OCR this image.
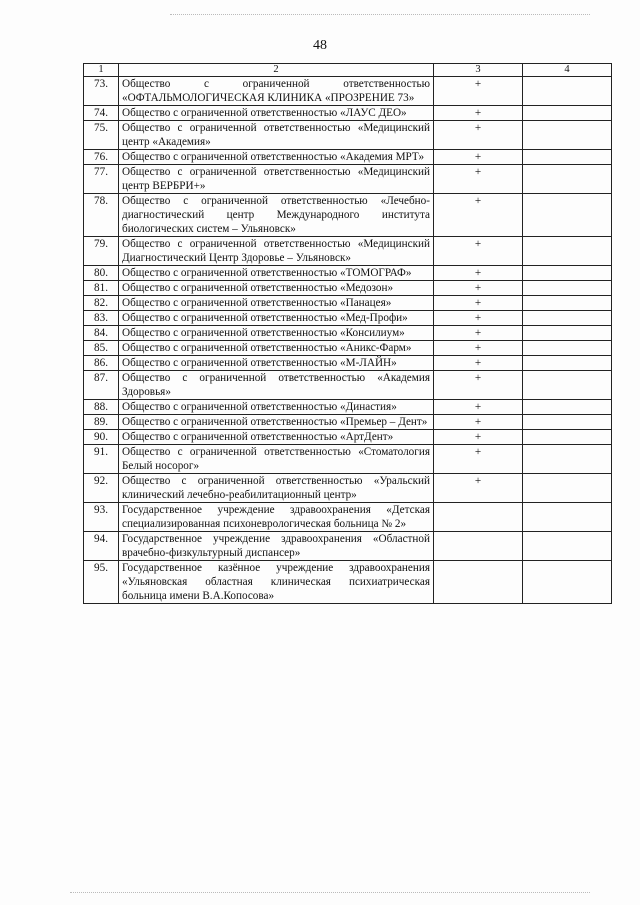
48
1	2	3	4
73.	Общество с ограниченной ответственностью «ОФТАЛЬМОЛОГИЧЕСКАЯ КЛИНИКА «ПРОЗРЕНИЕ 73»	+	
74.	Общество с ограниченной ответственностью «ЛАУС ДЕО»	+	
75.	Общество с ограниченной ответственностью «Медицинский центр «Академия»	+	
76.	Общество с ограниченной ответственностью «Академия МРТ»	+	
77.	Общество с ограниченной ответственностью «Медицинский центр ВЕРБРИ+»	+	
78.	Общество с ограниченной ответственностью «Лечебно-диагностический центр Международного института биологических систем – Ульяновск»	+	
79.	Общество с ограниченной ответственностью «Медицинский Диагностический Центр Здоровье – Ульяновск»	+	
80.	Общество с ограниченной ответственностью «ТОМОГРАФ»	+	
81.	Общество с ограниченной ответственностью «Медозон»	+	
82.	Общество с ограниченной ответственностью «Панацея»	+	
83.	Общество с ограниченной ответственностью «Мед-Профи»	+	
84.	Общество с ограниченной ответственностью «Консилиум»	+	
85.	Общество с ограниченной ответственностью «Аникс-Фарм»	+	
86.	Общество с ограниченной ответственностью «М-ЛАЙН»	+	
87.	Общество с ограниченной ответственностью «Академия Здоровья»	+	
88.	Общество с ограниченной ответственностью «Династия»	+	
89.	Общество с ограниченной ответственностью «Премьер – Дент»	+	
90.	Общество с ограниченной ответственностью «АртДент»	+	
91.	Общество с ограниченной ответственностью «Стоматология Белый носорог»	+	
92.	Общество с ограниченной ответственностью «Уральский клинический лечебно-реабилитационный центр»	+	
93.	Государственное учреждение здравоохранения «Детская специализированная психоневрологическая больница № 2»		
94.	Государственное учреждение здравоохранения «Областной врачебно-физкультурный диспансер»		
95.	Государственное казённое учреждение здравоохранения «Ульяновская областная клиническая психиатрическая больница имени В.А.Копосова»		
